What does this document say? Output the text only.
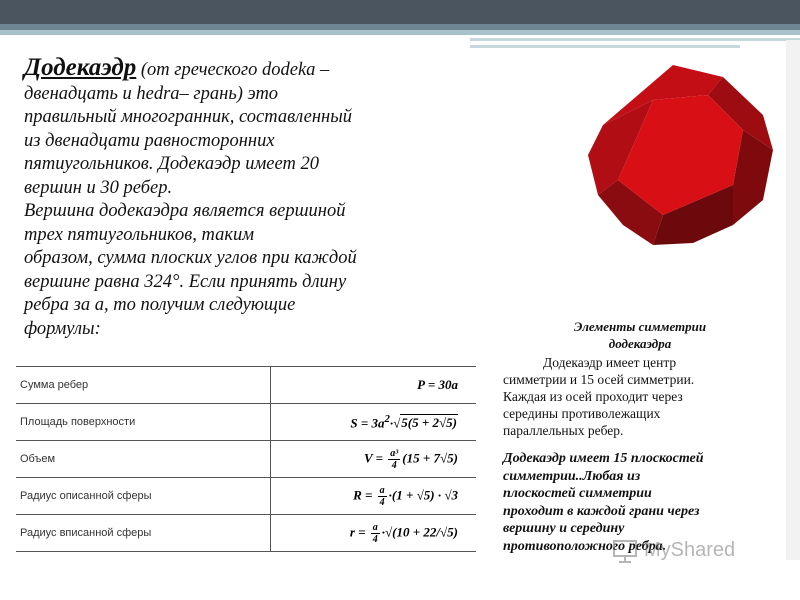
Додекаэдр (от греческого dodeka –
двенадцать и hedra– грань) это
правильный многогранник, составленный
из двенадцати равносторонних
пятиугольников. Додекаэдр имеет 20
вершин и 30 ребер.
Вершина додекаэдра является вершиной
трех пятиугольников, таким
образом, сумма плоских углов при каждой
вершине равна 324°. Если принять длину
ребра за a, то получим следующие
формулы:
Сумма ребер	P = 30a
Площадь поверхности	$S = 3a^2\cdot√5(5 + 2√5)$
Объем	$V = \frac{\text{a³}}{4} (15 + 7√5)$
Радиус описанной сферы	$R = \frac{a}{4} \cdot(1 + √5) \cdot √3$
Радиус вписанной сферы	$r = \frac{a}{4} \cdot√(10 + 22/√5)$
Элементы симметрии
додекаэдра
Додекаэдр имеет центр
симметрии и 15 осей симметрии.
Каждая из осей проходит через
середины противолежащих
параллельных ребер.
Додекаэдр имеет 15 плоскостей
симметрии..Любая из
плоскостей симметрии
проходит в каждой грани через
вершину и середину
противоположного ребра.
MyShared
